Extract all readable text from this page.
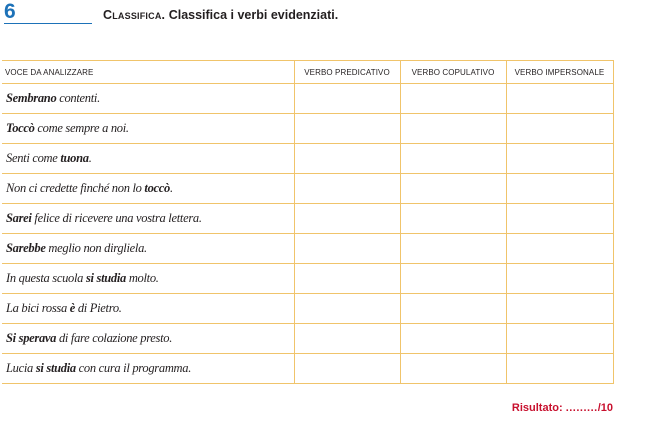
6	Classifica. Classifica i verbi evidenziati.
VOCE DA ANALIZZARE	VERBO PREDICATIVO	VERBO COPULATIVO	VERBO IMPERSONALE
Sembrano contenti.			
Toccò come sempre a noi.			
Senti come tuona.			
Non ci credette finché non lo toccò.			
Sarei felice di ricevere una vostra lettera.			
Sarebbe meglio non dirgliela.			
In questa scuola si studia molto.			
La bici rossa è di Pietro.			
Si sperava di fare colazione presto.			
Lucia si studia con cura il programma.			
Risultato: ........./10
